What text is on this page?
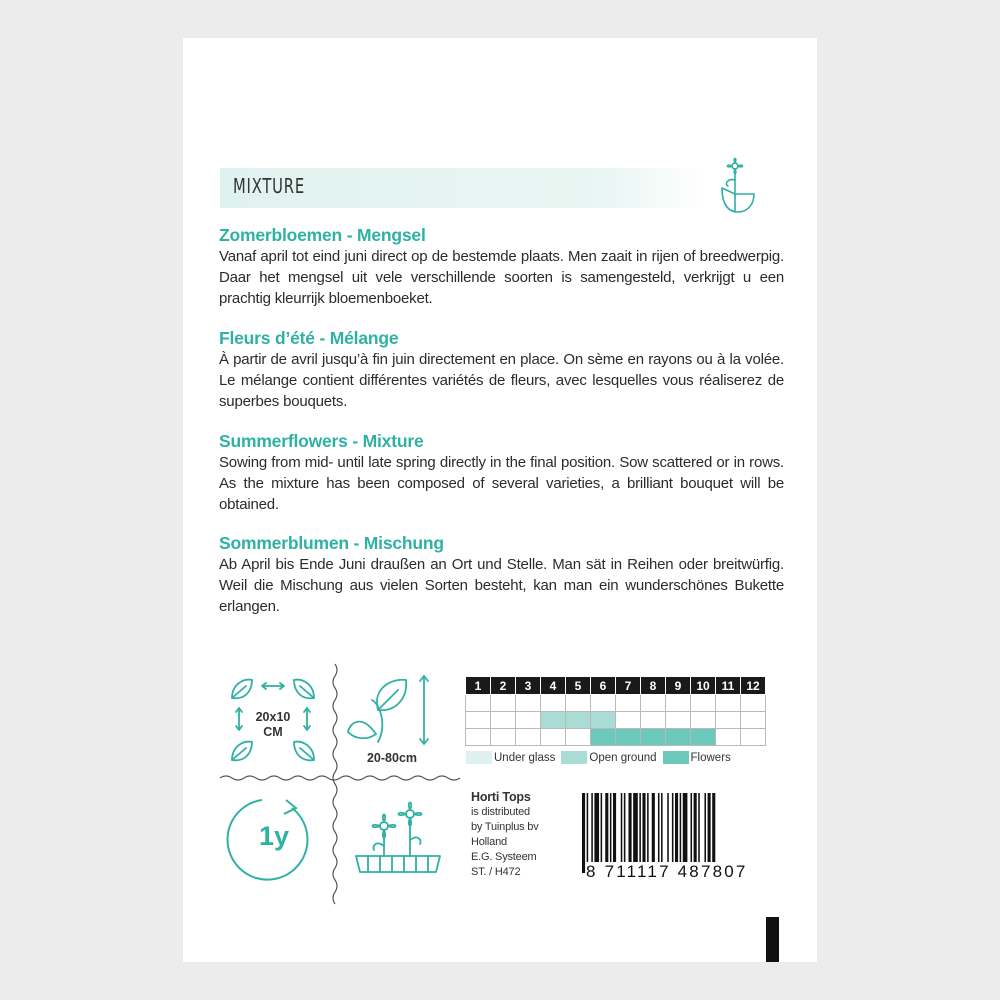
MIXTURE
Zomerbloemen - Mengsel

Vanaf april tot eind juni direct op de bestemde plaats. Men zaait in rijen of breedwerpig. Daar het mengsel uit vele verschillende soorten is samengesteld, verkrijgt u een prachtig kleurrijk bloemenboeket.

Fleurs d’été - Mélange

À partir de avril jusqu’à fin juin directement en place. On sème en rayons ou à la volée. Le mélange contient différentes variétés de fleurs, avec lesquelles vous réaliserez de superbes bouquets.

Summerflowers - Mixture

Sowing from mid- until late spring directly in the final position. Sow scattered or in rows. As the mixture has been composed of several varieties, a brilliant bouquet will be obtained.

Sommerblumen - Mischung

Ab April bis Ende Juni draußen an Ort und Stelle. Man sät in Reihen oder breitwürfig. Weil die Mischung aus vielen Sorten besteht, kan man ein wunderschönes Bukette erlangen.

20x10
CM
20-80cm
1y
1	2	3	4	5	6	7	8	9	10	11	12

Under glass	Open ground	Flowers
Horti Tops
is distributed
by Tuinplus bv
Holland
E.G. Systeem
ST. / H472	8 711117 487807
